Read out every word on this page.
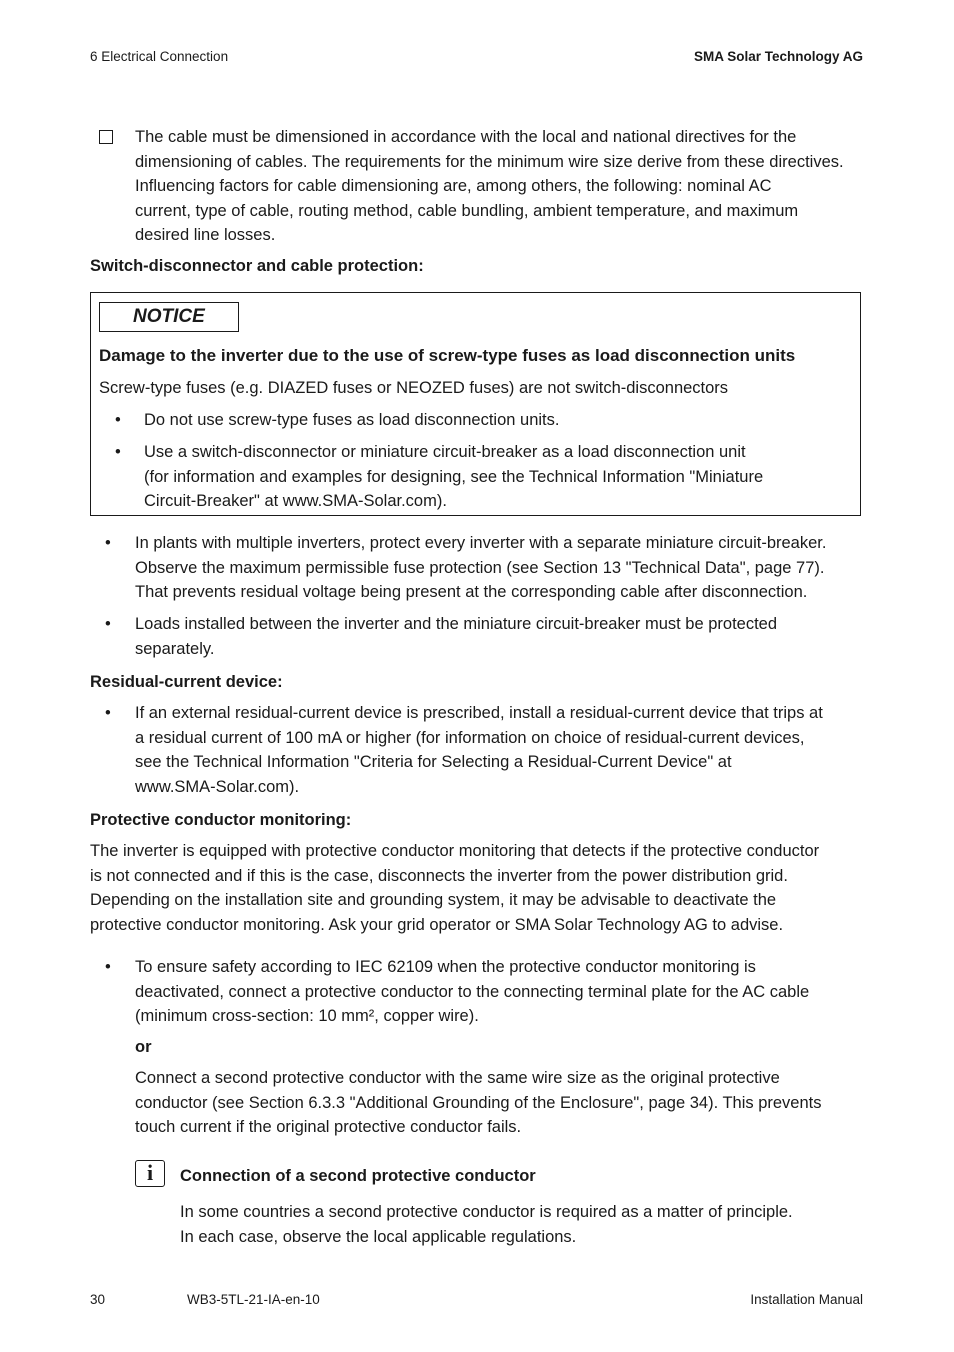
6 Electrical Connection	SMA Solar Technology AG
The cable must be dimensioned in accordance with the local and national directives for the
dimensioning of cables. The requirements for the minimum wire size derive from these directives.
Influencing factors for cable dimensioning are, among others, the following: nominal AC
current, type of cable, routing method, cable bundling, ambient temperature, and maximum
desired line losses.
Switch-disconnector and cable protection:
NOTICE
Damage to the inverter due to the use of screw-type fuses as load disconnection units
Screw-type fuses (e.g. DIAZED fuses or NEOZED fuses) are not switch-disconnectors
• Do not use screw-type fuses as load disconnection units.
• Use a switch-disconnector or miniature circuit-breaker as a load disconnection unit
(for information and examples for designing, see the Technical Information "Miniature
Circuit-Breaker" at www.SMA-Solar.com).
• In plants with multiple inverters, protect every inverter with a separate miniature circuit-breaker.
Observe the maximum permissible fuse protection (see Section 13 "Technical Data", page 77).
That prevents residual voltage being present at the corresponding cable after disconnection.
• Loads installed between the inverter and the miniature circuit-breaker must be protected
separately.
Residual-current device:
• If an external residual-current device is prescribed, install a residual-current device that trips at
a residual current of 100 mA or higher (for information on choice of residual-current devices,
see the Technical Information "Criteria for Selecting a Residual-Current Device" at
www.SMA-Solar.com).
Protective conductor monitoring:
The inverter is equipped with protective conductor monitoring that detects if the protective conductor
is not connected and if this is the case, disconnects the inverter from the power distribution grid.
Depending on the installation site and grounding system, it may be advisable to deactivate the
protective conductor monitoring. Ask your grid operator or SMA Solar Technology AG to advise.
• To ensure safety according to IEC 62109 when the protective conductor monitoring is
deactivated, connect a protective conductor to the connecting terminal plate for the AC cable
(minimum cross-section: 10 mm², copper wire).
or
Connect a second protective conductor with the same wire size as the original protective
conductor (see Section 6.3.3 "Additional Grounding of the Enclosure", page 34). This prevents
touch current if the original protective conductor fails.
i	Connection of a second protective conductor
In some countries a second protective conductor is required as a matter of principle.
In each case, observe the local applicable regulations.
30	WB3-5TL-21-IA-en-10	Installation Manual
